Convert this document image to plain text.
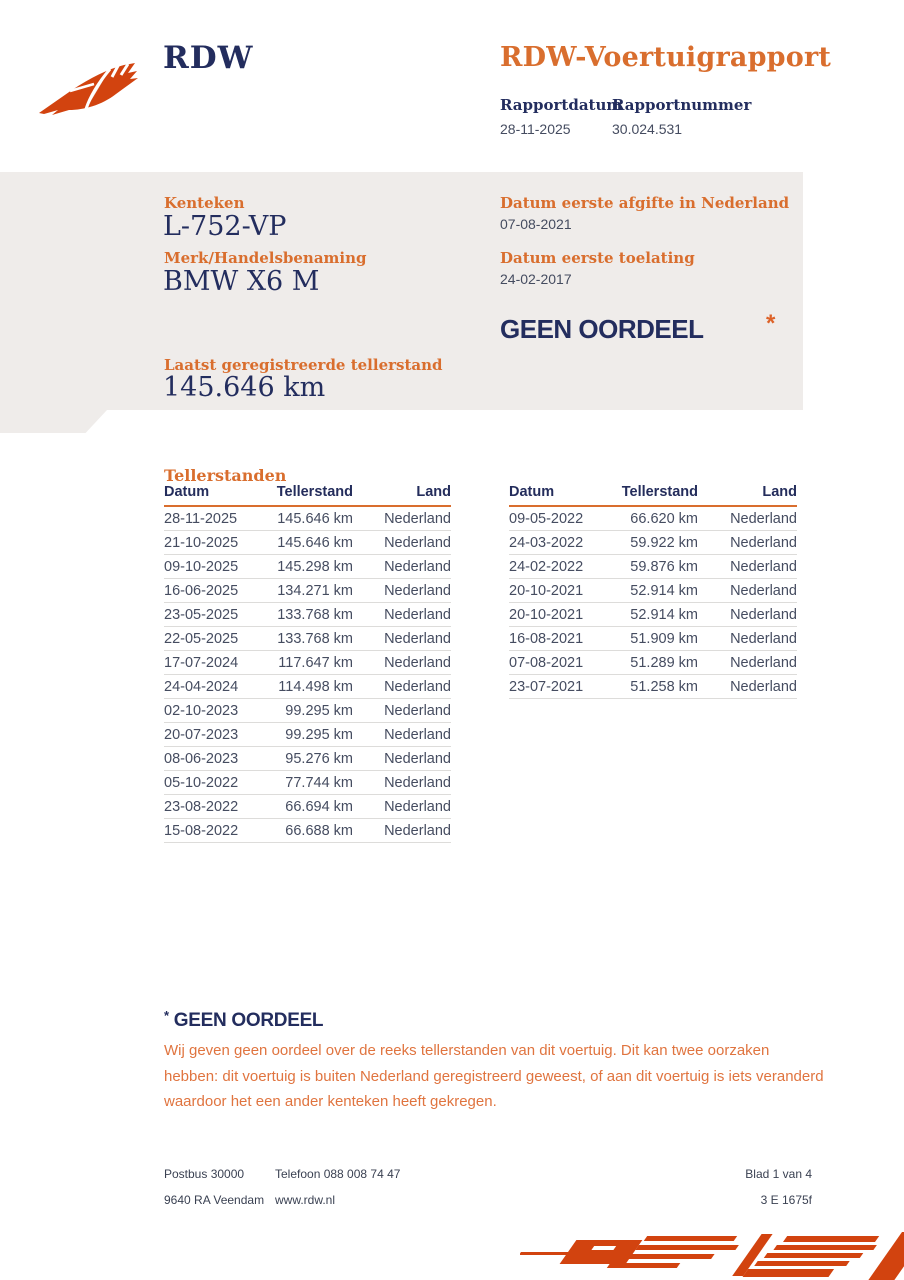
RDW	RDW-Voertuigrapport
Rapportdatum
28-11-2025
Rapportnummer
30.024.531
Kenteken
L-752-VP
Merk/Handelsbenaming
BMW X6 M
Laatst geregistreerde tellerstand
145.646 km
Datum eerste afgifte in Nederland
07-08-2021
Datum eerste toelating
24-02-2017
GEEN OORDEEL	*
Tellerstanden
Datum	Tellerstand	Land
28-11-2025	145.646 km	Nederland
21-10-2025	145.646 km	Nederland
09-10-2025	145.298 km	Nederland
16-06-2025	134.271 km	Nederland
23-05-2025	133.768 km	Nederland
22-05-2025	133.768 km	Nederland
17-07-2024	117.647 km	Nederland
24-04-2024	114.498 km	Nederland
02-10-2023	99.295 km	Nederland
20-07-2023	99.295 km	Nederland
08-06-2023	95.276 km	Nederland
05-10-2022	77.744 km	Nederland
23-08-2022	66.694 km	Nederland
15-08-2022	66.688 km	Nederland
Datum	Tellerstand	Land
09-05-2022	66.620 km	Nederland
24-03-2022	59.922 km	Nederland
24-02-2022	59.876 km	Nederland
20-10-2021	52.914 km	Nederland
20-10-2021	52.914 km	Nederland
16-08-2021	51.909 km	Nederland
07-08-2021	51.289 km	Nederland
23-07-2021	51.258 km	Nederland
* GEEN OORDEEL
Wij geven geen oordeel over de reeks tellerstanden van dit voertuig. Dit kan twee oorzaken hebben: dit voertuig is buiten Nederland geregistreerd geweest, of aan dit voertuig is iets veranderd waardoor het een ander kenteken heeft gekregen.
Postbus 30000
9640 RA Veendam
Telefoon 088 008 74 47
www.rdw.nl
Blad 1 van 4
3 E 1675f
